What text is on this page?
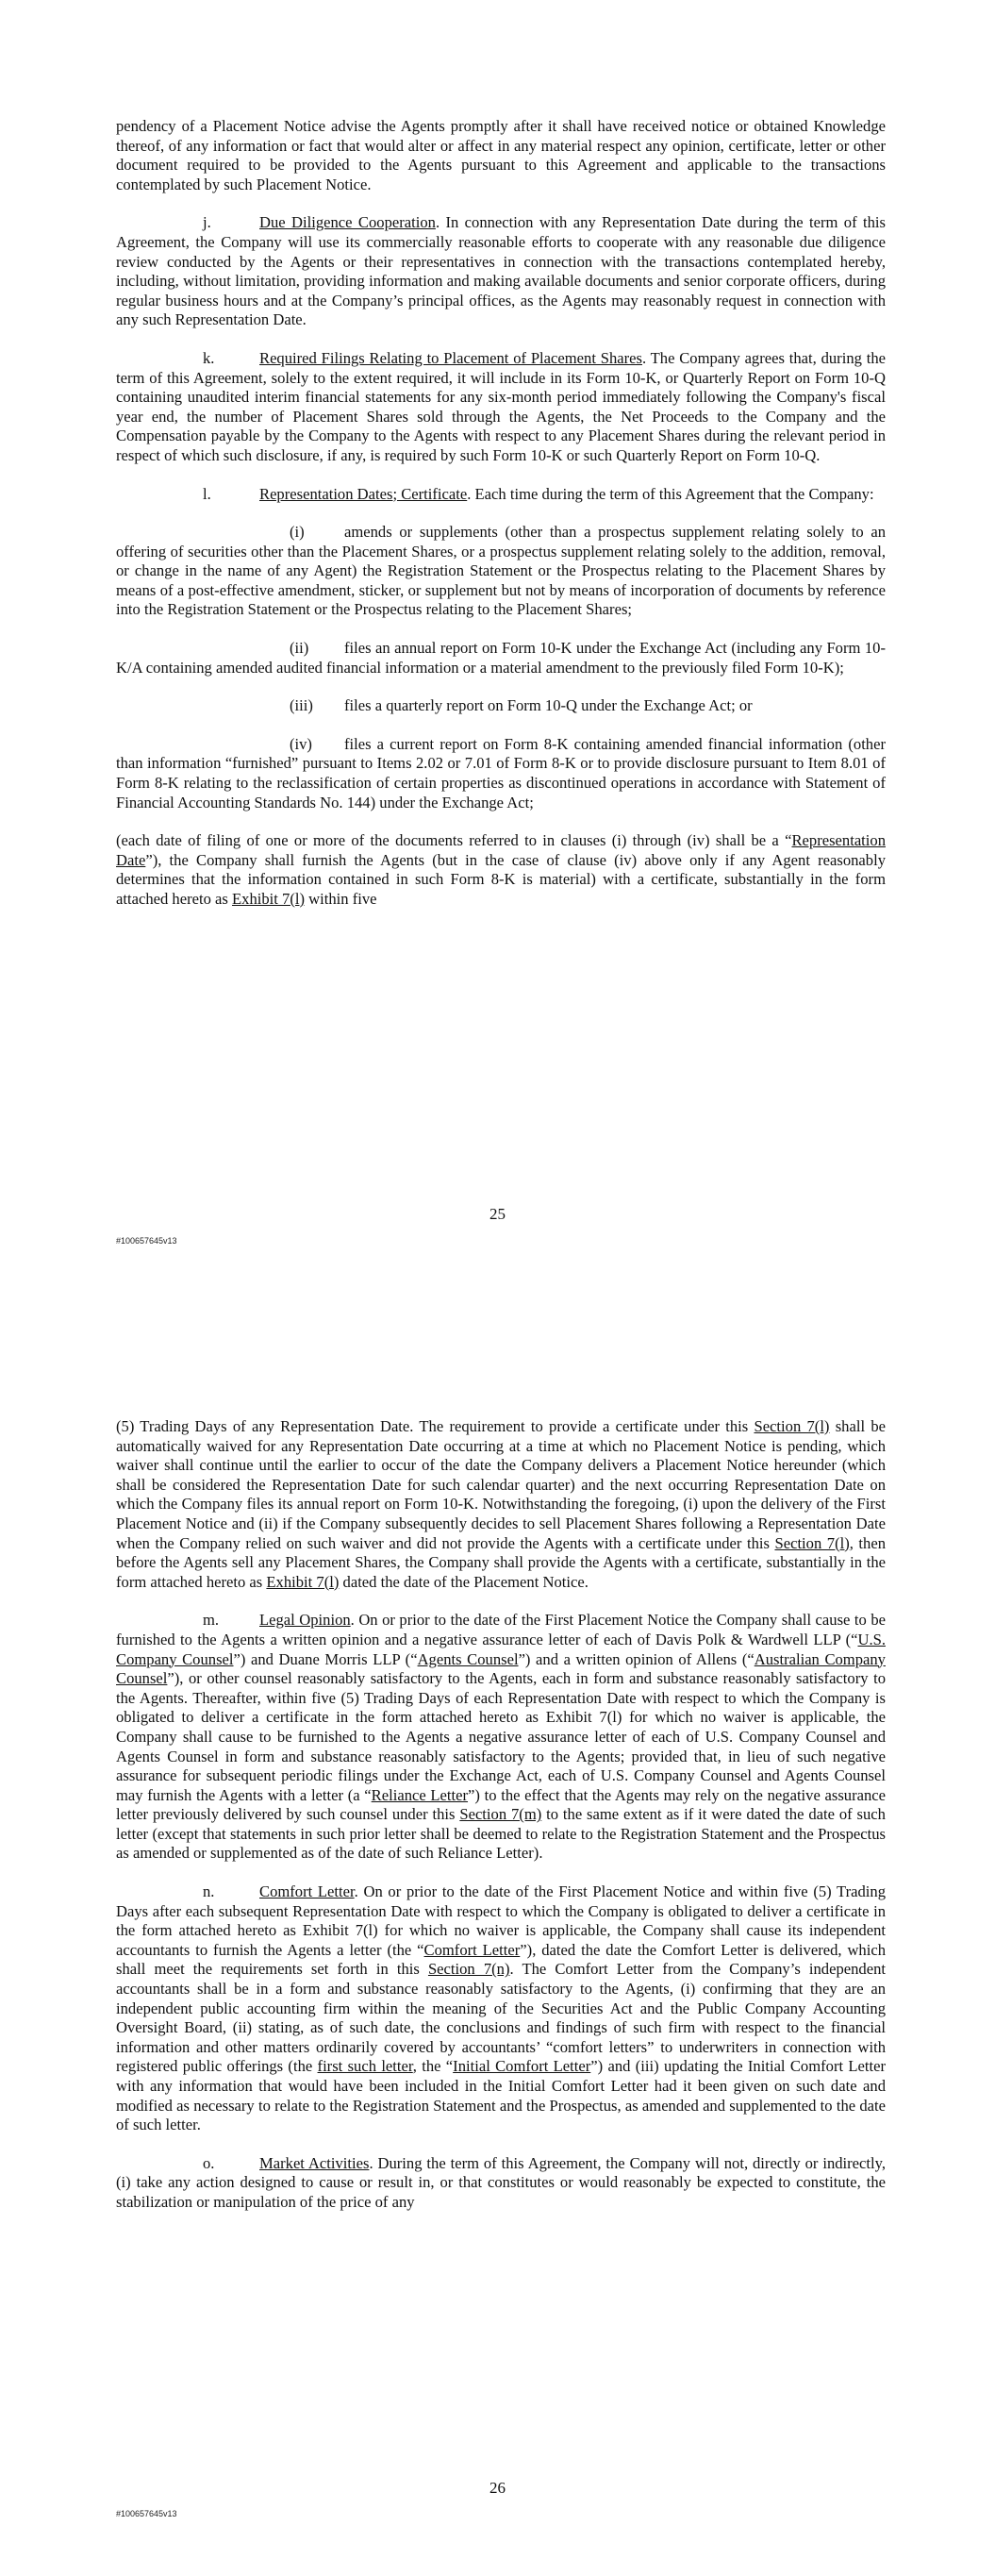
pendency of a Placement Notice advise the Agents promptly after it shall have received notice or obtained Knowledge thereof, of any information or fact that would alter or affect in any material respect any opinion, certificate, letter or other document required to be provided to the Agents pursuant to this Agreement and applicable to the transactions contemplated by such Placement Notice.

j.	Due Diligence Cooperation. In connection with any Representation Date during the term of this Agreement, the Company will use its commercially reasonable efforts to cooperate with any reasonable due diligence review conducted by the Agents or their representatives in connection with the transactions contemplated hereby, including, without limitation, providing information and making available documents and senior corporate officers, during regular business hours and at the Company’s principal offices, as the Agents may reasonably request in connection with any such Representation Date.

k.	Required Filings Relating to Placement of Placement Shares. The Company agrees that, during the term of this Agreement, solely to the extent required, it will include in its Form 10-K, or Quarterly Report on Form 10-Q containing unaudited interim financial statements for any six-month period immediately following the Company's fiscal year end, the number of Placement Shares sold through the Agents, the Net Proceeds to the Company and the Compensation payable by the Company to the Agents with respect to any Placement Shares during the relevant period in respect of which such disclosure, if any, is required by such Form 10-K or such Quarterly Report on Form 10-Q.

l.	Representation Dates; Certificate. Each time during the term of this Agreement that the Company:

(i)	amends or supplements (other than a prospectus supplement relating solely to an offering of securities other than the Placement Shares, or a prospectus supplement relating solely to the addition, removal, or change in the name of any Agent) the Registration Statement or the Prospectus relating to the Placement Shares by means of a post-effective amendment, sticker, or supplement but not by means of incorporation of documents by reference into the Registration Statement or the Prospectus relating to the Placement Shares;

(ii) files an annual report on Form 10-K under the Exchange Act (including any Form 10-K/A containing amended audited financial information or a material amendment to the previously filed Form 10-K);

(iii) files a quarterly report on Form 10-Q under the Exchange Act; or

(iv) files a current report on Form 8-K containing amended financial information (other than information “furnished” pursuant to Items 2.02 or 7.01 of Form 8-K or to provide disclosure pursuant to Item 8.01 of Form 8-K relating to the reclassification of certain properties as discontinued operations in accordance with Statement of Financial Accounting Standards No. 144) under the Exchange Act;

(each date of filing of one or more of the documents referred to in clauses (i) through (iv) shall be a “Representation Date”), the Company shall furnish the Agents (but in the case of clause (iv) above only if any Agent reasonably determines that the information contained in such Form 8-K is material) with a certificate, substantially in the form attached hereto as Exhibit 7(l) within five

25
#100657645v13

(5) Trading Days of any Representation Date. The requirement to provide a certificate under this Section 7(l) shall be automatically waived for any Representation Date occurring at a time at which no Placement Notice is pending, which waiver shall continue until the earlier to occur of the date the Company delivers a Placement Notice hereunder (which shall be considered the Representation Date for such calendar quarter) and the next occurring Representation Date on which the Company files its annual report on Form 10-K. Notwithstanding the foregoing, (i) upon the delivery of the First Placement Notice and (ii) if the Company subsequently decides to sell Placement Shares following a Representation Date when the Company relied on such waiver and did not provide the Agents with a certificate under this Section 7(l), then before the Agents sell any Placement Shares, the Company shall provide the Agents with a certificate, substantially in the form attached hereto as Exhibit 7(l) dated the date of the Placement Notice.

m.	Legal Opinion. On or prior to the date of the First Placement Notice the Company shall cause to be furnished to the Agents a written opinion and a negative assurance letter of each of Davis Polk & Wardwell LLP (“U.S. Company Counsel”) and Duane Morris LLP (“Agents Counsel”) and a written opinion of Allens (“Australian Company Counsel”), or other counsel reasonably satisfactory to the Agents, each in form and substance reasonably satisfactory to the Agents. Thereafter, within five (5) Trading Days of each Representation Date with respect to which the Company is obligated to deliver a certificate in the form attached hereto as Exhibit 7(l) for which no waiver is applicable, the Company shall cause to be furnished to the Agents a negative assurance letter of each of U.S. Company Counsel and Agents Counsel in form and substance reasonably satisfactory to the Agents; provided that, in lieu of such negative assurance for subsequent periodic filings under the Exchange Act, each of U.S. Company Counsel and Agents Counsel may furnish the Agents with a letter (a “Reliance Letter”) to the effect that the Agents may rely on the negative assurance letter previously delivered by such counsel under this Section 7(m) to the same extent as if it were dated the date of such letter (except that statements in such prior letter shall be deemed to relate to the Registration Statement and the Prospectus as amended or supplemented as of the date of such Reliance Letter).

n.	Comfort Letter. On or prior to the date of the First Placement Notice and within five (5) Trading Days after each subsequent Representation Date with respect to which the Company is obligated to deliver a certificate in the form attached hereto as Exhibit 7(l) for which no waiver is applicable, the Company shall cause its independent accountants to furnish the Agents a letter (the “Comfort Letter”), dated the date the Comfort Letter is delivered, which shall meet the requirements set forth in this Section 7(n). The Comfort Letter from the Company’s independent accountants shall be in a form and substance reasonably satisfactory to the Agents, (i) confirming that they are an independent public accounting firm within the meaning of the Securities Act and the Public Company Accounting Oversight Board, (ii) stating, as of such date, the conclusions and findings of such firm with respect to the financial information and other matters ordinarily covered by accountants’ “comfort letters” to underwriters in connection with registered public offerings (the first such letter, the “Initial Comfort Letter”) and (iii) updating the Initial Comfort Letter with any information that would have been included in the Initial Comfort Letter had it been given on such date and modified as necessary to relate to the Registration Statement and the Prospectus, as amended and supplemented to the date of such letter.

o.	Market Activities. During the term of this Agreement, the Company will not, directly or indirectly, (i) take any action designed to cause or result in, or that constitutes or would reasonably be expected to constitute, the stabilization or manipulation of the price of any

26
#100657645v13
